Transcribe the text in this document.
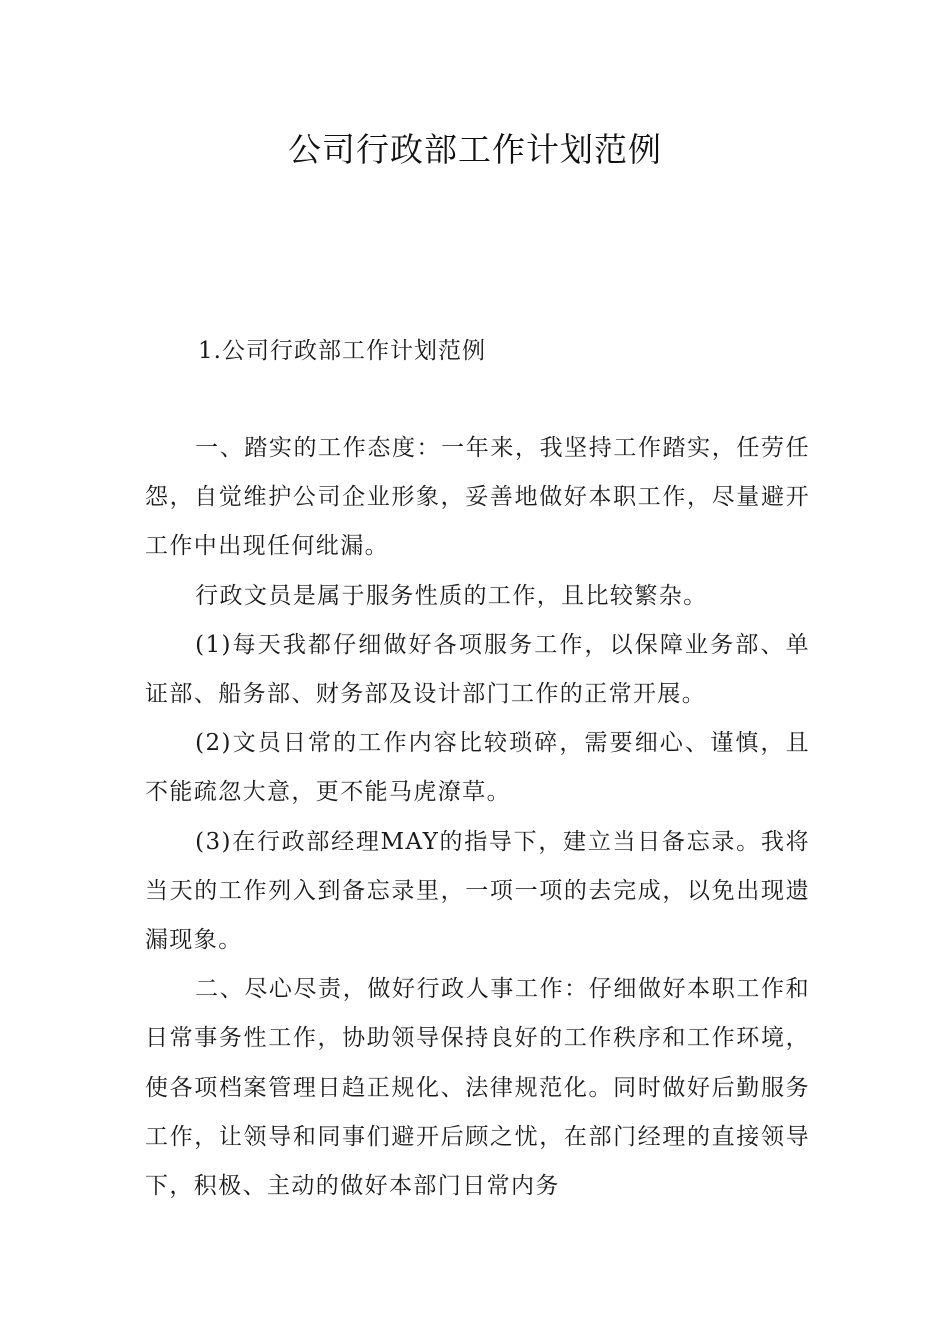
公司行政部工作计划范例
1.公司行政部工作计划范例

一、踏实的工作态度：一年来，我坚持工作踏实，任劳任怨，自觉维护公司企业形象，妥善地做好本职工作，尽量避开工作中出现任何纰漏。

行政文员是属于服务性质的工作，且比较繁杂。

(1)每天我都仔细做好各项服务工作，以保障业务部、单证部、船务部、财务部及设计部门工作的正常开展。

(2)文员日常的工作内容比较琐碎，需要细心、谨慎，且不能疏忽大意，更不能马虎潦草。

(3)在行政部经理MAY的指导下，建立当日备忘录。我将当天的工作列入到备忘录里，一项一项的去完成，以免出现遗漏现象。

二、尽心尽责，做好行政人事工作：仔细做好本职工作和日常事务性工作，协助领导保持良好的工作秩序和工作环境，使各项档案管理日趋正规化、法律规范化。同时做好后勤服务工作，让领导和同事们避开后顾之忧，在部门经理的直接领导下，积极、主动的做好本部门日常内务
